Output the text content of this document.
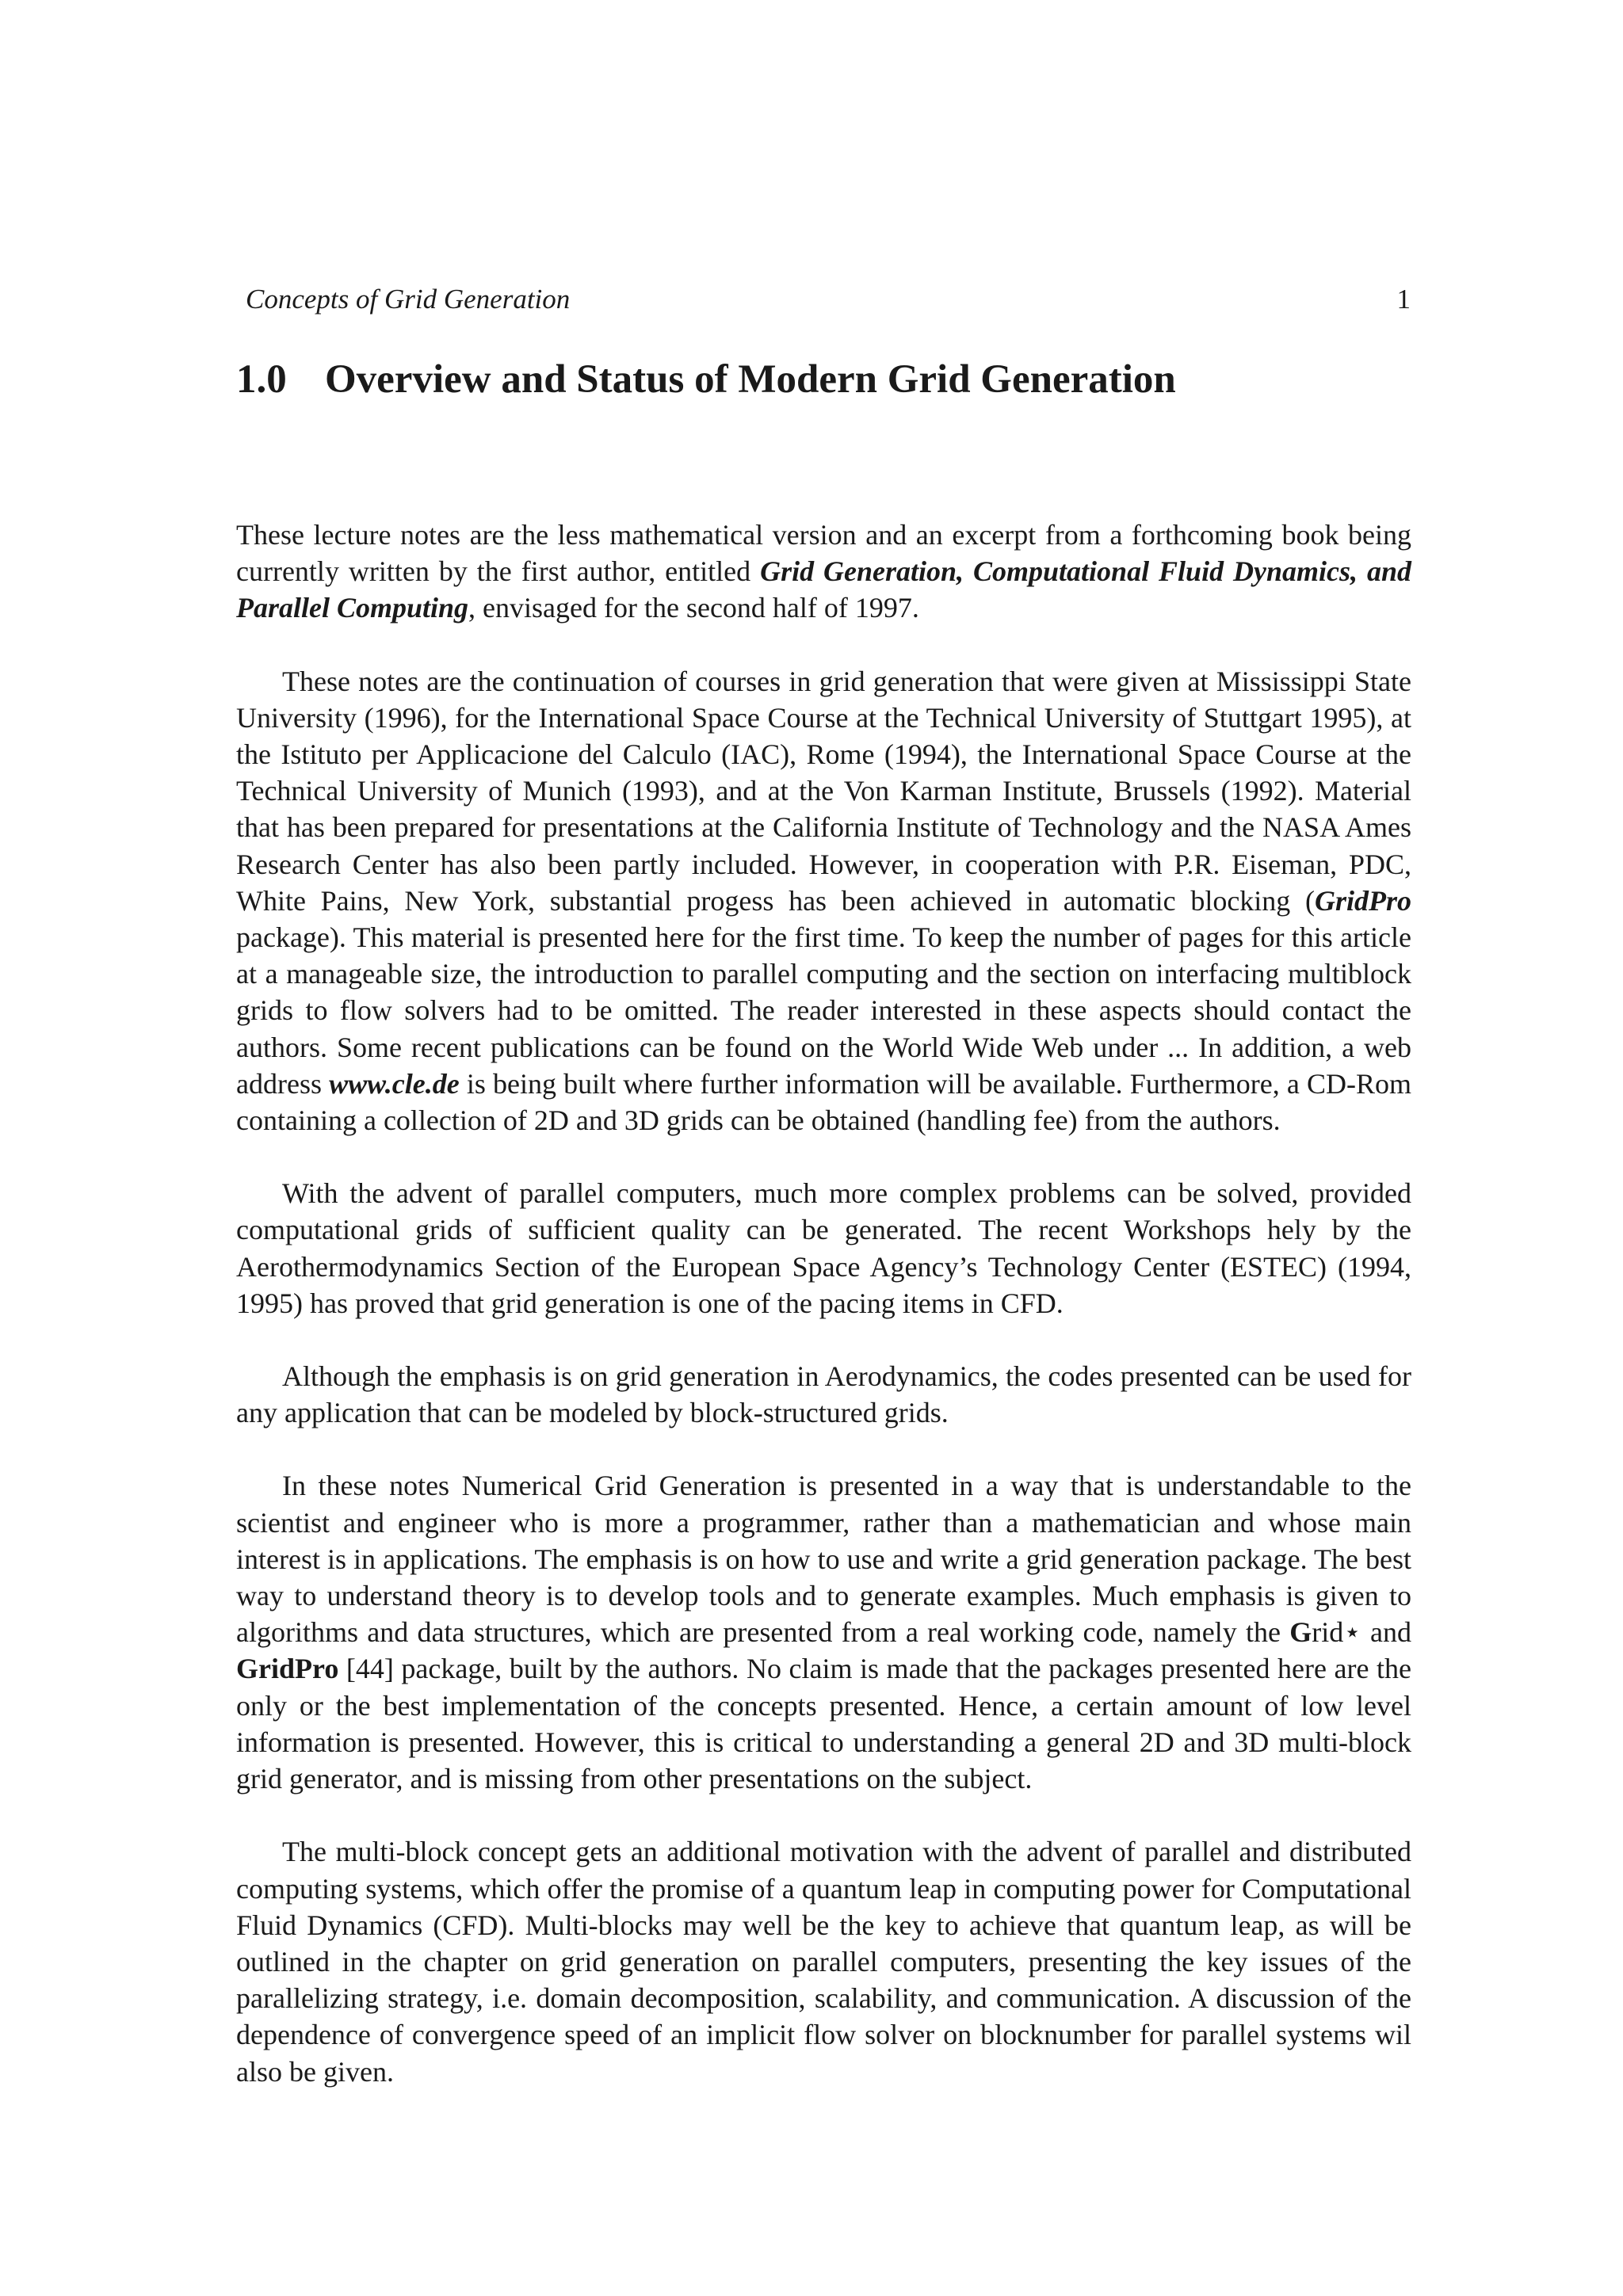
Concepts of Grid Generation	1
1.0 Overview and Status of Modern Grid Generation

These lecture notes are the less mathematical version and an excerpt from a forthcoming book being currently written by the first author, entitled Grid Generation, Computational Fluid Dynamics, and Parallel Computing, envisaged for the second half of 1997.

These notes are the continuation of courses in grid generation that were given at Mississippi State University (1996), for the International Space Course at the Technical University of Stuttgart 1995), at the Istituto per Applicacione del Calculo (IAC), Rome (1994), the International Space Course at the Technical University of Munich (1993), and at the Von Karman Institute, Brussels (1992). Material that has been prepared for presentations at the California Institute of Technology and the NASA Ames Research Center has also been partly included. However, in cooperation with P.R. Eiseman, PDC, White Pains, New York, substantial progess has been achieved in automatic blocking (GridPro package). This material is presented here for the first time. To keep the number of pages for this article at a manageable size, the introduction to parallel computing and the section on interfacing multiblock grids to flow solvers had to be omitted. The reader interested in these aspects should contact the authors. Some recent publications can be found on the World Wide Web under ... In addition, a web address www.cle.de is being built where further information will be available. Furthermore, a CD-Rom containing a collection of 2D and 3D grids can be obtained (handling fee) from the authors.

With the advent of parallel computers, much more complex problems can be solved, provided computational grids of sufficient quality can be generated. The recent Workshops hely by the Aerothermodynamics Section of the European Space Agency’s Technology Center (ESTEC) (1994, 1995) has proved that grid generation is one of the pacing items in CFD.

Although the emphasis is on grid generation in Aerodynamics, the codes presented can be used for any application that can be modeled by block-structured grids.

In these notes Numerical Grid Generation is presented in a way that is understandable to the scientist and engineer who is more a programmer, rather than a mathematician and whose main interest is in applications. The emphasis is on how to use and write a grid generation package. The best way to understand theory is to develop tools and to generate examples. Much emphasis is given to algorithms and data structures, which are presented from a real working code, namely the Grid⋆ and GridPro [44] package, built by the authors. No claim is made that the packages presented here are the only or the best implementation of the concepts presented. Hence, a certain amount of low level information is presented. However, this is critical to understanding a general 2D and 3D multi-block grid generator, and is missing from other presentations on the subject.

The multi-block concept gets an additional motivation with the advent of parallel and distributed computing systems, which offer the promise of a quantum leap in computing power for Computational Fluid Dynamics (CFD). Multi-blocks may well be the key to achieve that quantum leap, as will be outlined in the chapter on grid generation on parallel computers, presenting the key issues of the parallelizing strategy, i.e. domain decomposition, scalability, and communication. A discussion of the dependence of convergence speed of an implicit flow solver on blocknumber for parallel systems wil also be given.
